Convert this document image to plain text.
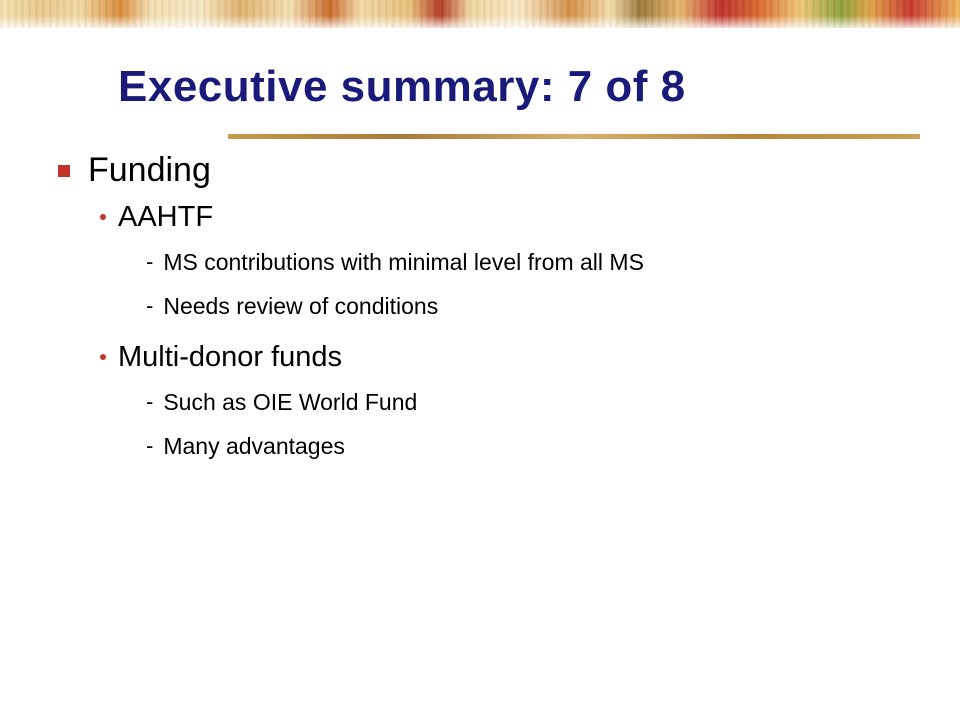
Executive summary: 7 of 8
Funding
AAHTF
- MS contributions with minimal level from all MS
- Needs review of conditions
Multi-donor funds
- Such as OIE World Fund
- Many advantages
